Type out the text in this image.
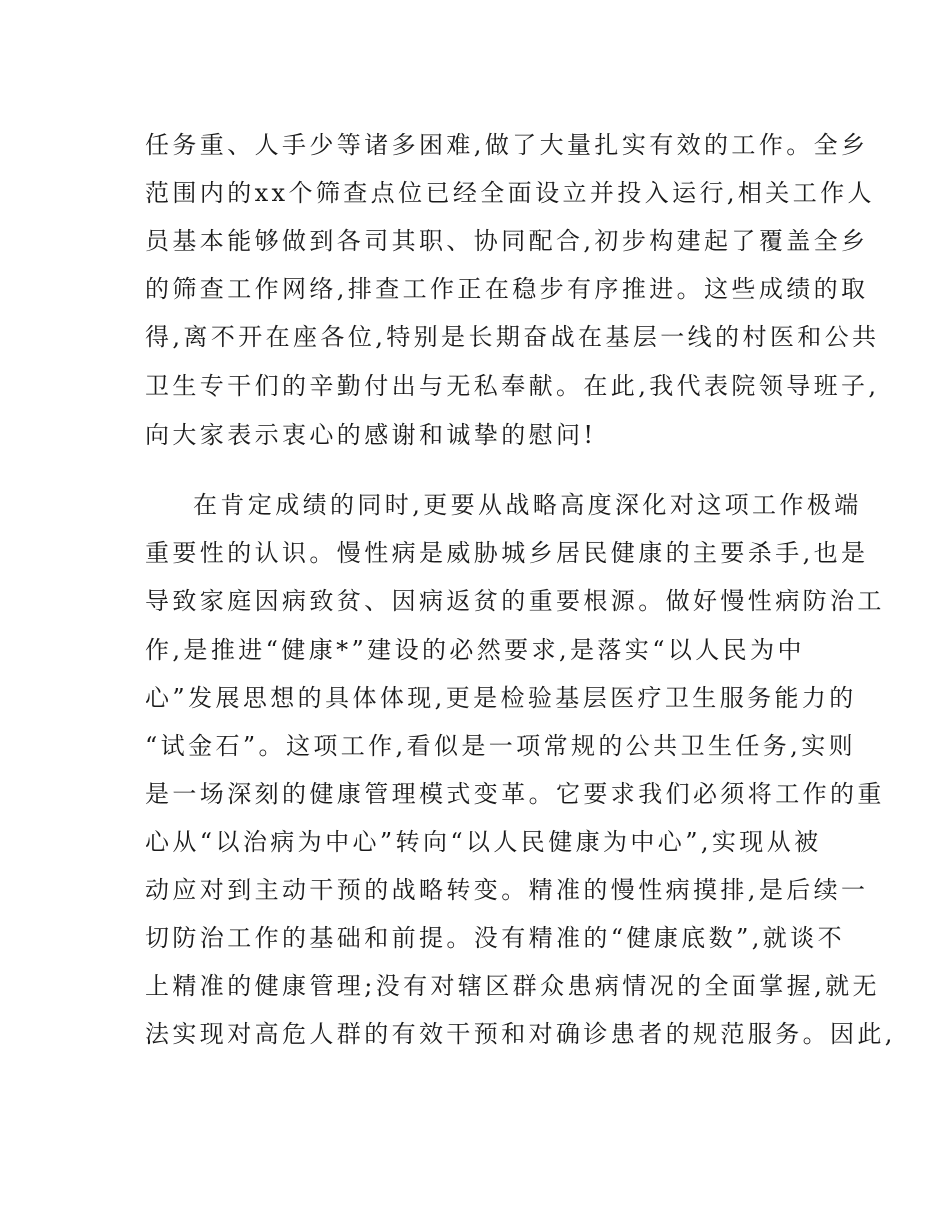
任务重、人手少等诸多困难,做了大量扎实有效的工作。全乡
范围内的xx个筛查点位已经全面设立并投入运行,相关工作人
员基本能够做到各司其职、协同配合,初步构建起了覆盖全乡
的筛查工作网络,排查工作正在稳步有序推进。这些成绩的取
得,离不开在座各位,特别是长期奋战在基层一线的村医和公共
卫生专干们的辛勤付出与无私奉献。在此,我代表院领导班子,
向大家表示衷心的感谢和诚挚的慰问!
在肯定成绩的同时,更要从战略高度深化对这项工作极端
重要性的认识。慢性病是威胁城乡居民健康的主要杀手,也是
导致家庭因病致贫、因病返贫的重要根源。做好慢性病防治工
作,是推进“健康*”建设的必然要求,是落实“以人民为中
心”发展思想的具体体现,更是检验基层医疗卫生服务能力的
“试金石”。这项工作,看似是一项常规的公共卫生任务,实则
是一场深刻的健康管理模式变革。它要求我们必须将工作的重
心从“以治病为中心”转向“以人民健康为中心”,实现从被
动应对到主动干预的战略转变。精准的慢性病摸排,是后续一
切防治工作的基础和前提。没有精准的“健康底数”,就谈不
上精准的健康管理;没有对辖区群众患病情况的全面掌握,就无
法实现对高危人群的有效干预和对确诊患者的规范服务。因此,
